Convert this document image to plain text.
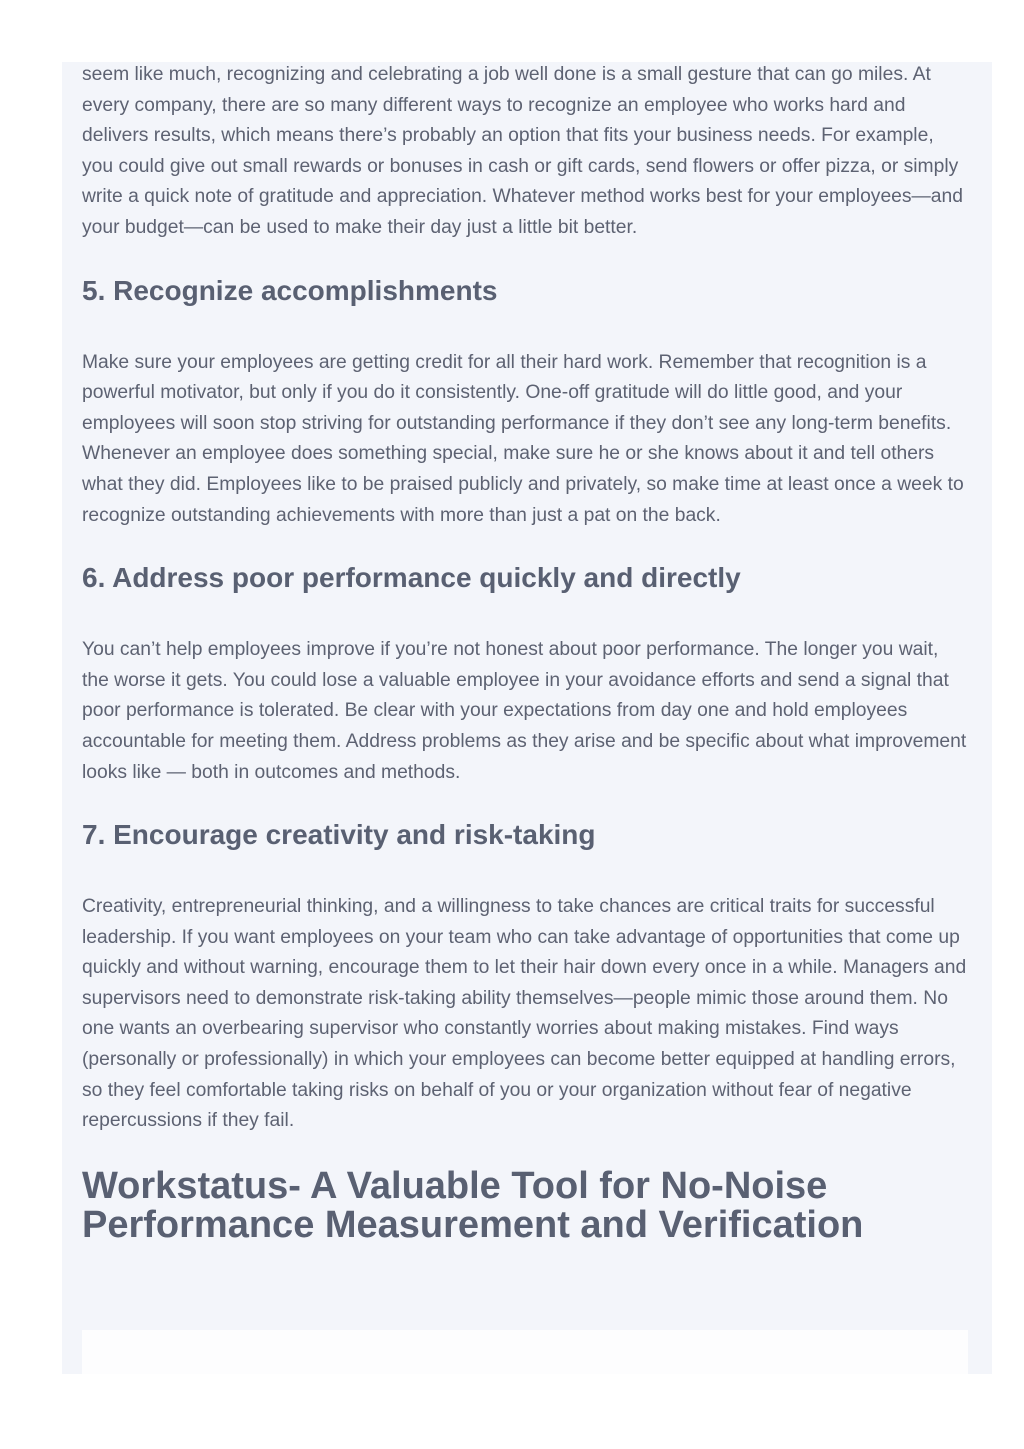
seem like much, recognizing and celebrating a job well done is a small gesture that can go miles. At every company, there are so many different ways to recognize an employee who works hard and delivers results, which means there’s probably an option that fits your business needs. For example, you could give out small rewards or bonuses in cash or gift cards, send flowers or offer pizza, or simply write a quick note of gratitude and appreciation. Whatever method works best for your employees—and your budget—can be used to make their day just a little bit better.

5. Recognize accomplishments

Make sure your employees are getting credit for all their hard work. Remember that recognition is a powerful motivator, but only if you do it consistently. One-off gratitude will do little good, and your employees will soon stop striving for outstanding performance if they don’t see any long-term benefits. Whenever an employee does something special, make sure he or she knows about it and tell others what they did. Employees like to be praised publicly and privately, so make time at least once a week to recognize outstanding achievements with more than just a pat on the back.

6. Address poor performance quickly and directly

You can’t help employees improve if you’re not honest about poor performance. The longer you wait, the worse it gets. You could lose a valuable employee in your avoidance efforts and send a signal that poor performance is tolerated. Be clear with your expectations from day one and hold employees accountable for meeting them. Address problems as they arise and be specific about what improvement looks like — both in outcomes and methods.

7. Encourage creativity and risk-taking

Creativity, entrepreneurial thinking, and a willingness to take chances are critical traits for successful leadership. If you want employees on your team who can take advantage of opportunities that come up quickly and without warning, encourage them to let their hair down every once in a while. Managers and supervisors need to demonstrate risk-taking ability themselves—people mimic those around them. No one wants an overbearing supervisor who constantly worries about making mistakes. Find ways (personally or professionally) in which your employees can become better equipped at handling errors, so they feel comfortable taking risks on behalf of you or your organization without fear of negative repercussions if they fail.

Workstatus- A Valuable Tool for No-Noise Performance Measurement and Verification
